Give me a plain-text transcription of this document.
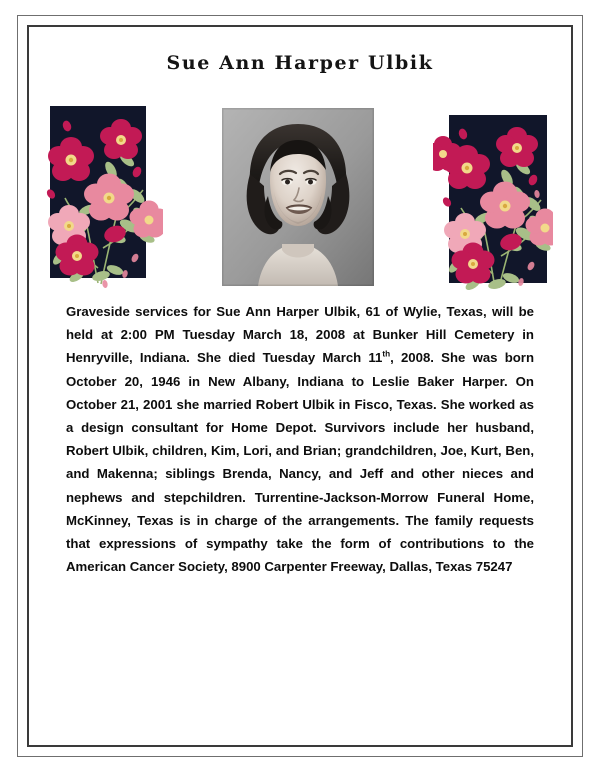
Sue Ann Harper Ulbik
Graveside services for Sue Ann Harper Ulbik, 61 of Wylie, Texas, will be held at 2:00 PM Tuesday March 18, 2008 at Bunker Hill Cemetery in Henryville, Indiana. She died Tuesday March 11th, 2008. She was born October 20, 1946 in New Albany, Indiana to Leslie Baker Harper. On October 21, 2001 she married Robert Ulbik in Fisco, Texas. She worked as a design consultant for Home Depot. Survivors include her husband, Robert Ulbik, children, Kim, Lori, and Brian; grandchildren, Joe, Kurt, Ben, and Makenna; siblings Brenda, Nancy, and Jeff and other nieces and nephews and stepchildren. Turrentine-Jackson-Morrow Funeral Home, McKinney, Texas is in charge of the arrangements. The family requests that expressions of sympathy take the form of contributions to the American Cancer Society, 8900 Carpenter Freeway, Dallas, Texas 75247
